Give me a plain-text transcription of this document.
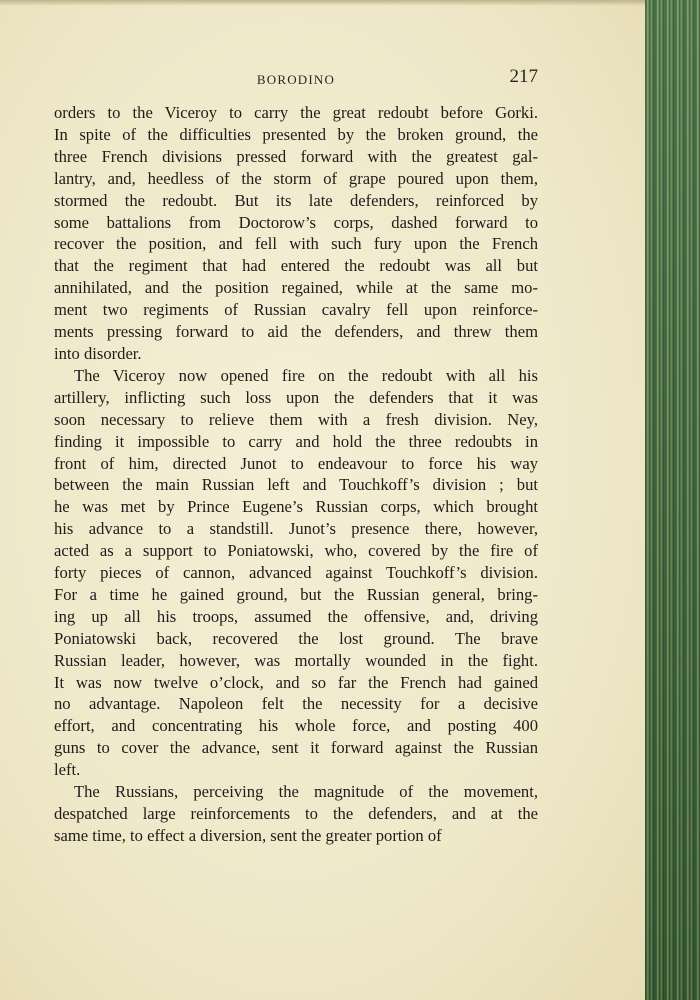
BORODINO	217
orders to the Viceroy to carry the great redoubt before Gorki.
In spite of the difficulties presented by the broken ground, the
three French divisions pressed forward with the greatest gal-
lantry, and, heedless of the storm of grape poured upon them,
stormed the redoubt. But its late defenders, reinforced by
some battalions from Doctorow’s corps, dashed forward to
recover the position, and fell with such fury upon the French
that the regiment that had entered the redoubt was all but
annihilated, and the position regained, while at the same mo-
ment two regiments of Russian cavalry fell upon reinforce-
ments pressing forward to aid the defenders, and threw them
into disorder.
The Viceroy now opened fire on the redoubt with all his
artillery, inflicting such loss upon the defenders that it was
soon necessary to relieve them with a fresh division. Ney,
finding it impossible to carry and hold the three redoubts in
front of him, directed Junot to endeavour to force his way
between the main Russian left and Touchkoff’s division ; but
he was met by Prince Eugene’s Russian corps, which brought
his advance to a standstill. Junot’s presence there, however,
acted as a support to Poniatowski, who, covered by the fire of
forty pieces of cannon, advanced against Touchkoff’s division.
For a time he gained ground, but the Russian general, bring-
ing up all his troops, assumed the offensive, and, driving
Poniatowski back, recovered the lost ground. The brave
Russian leader, however, was mortally wounded in the fight.
It was now twelve o’clock, and so far the French had gained
no advantage. Napoleon felt the necessity for a decisive
effort, and concentrating his whole force, and posting 400
guns to cover the advance, sent it forward against the Russian
left.
The Russians, perceiving the magnitude of the movement,
despatched large reinforcements to the defenders, and at the
same time, to effect a diversion, sent the greater portion of
